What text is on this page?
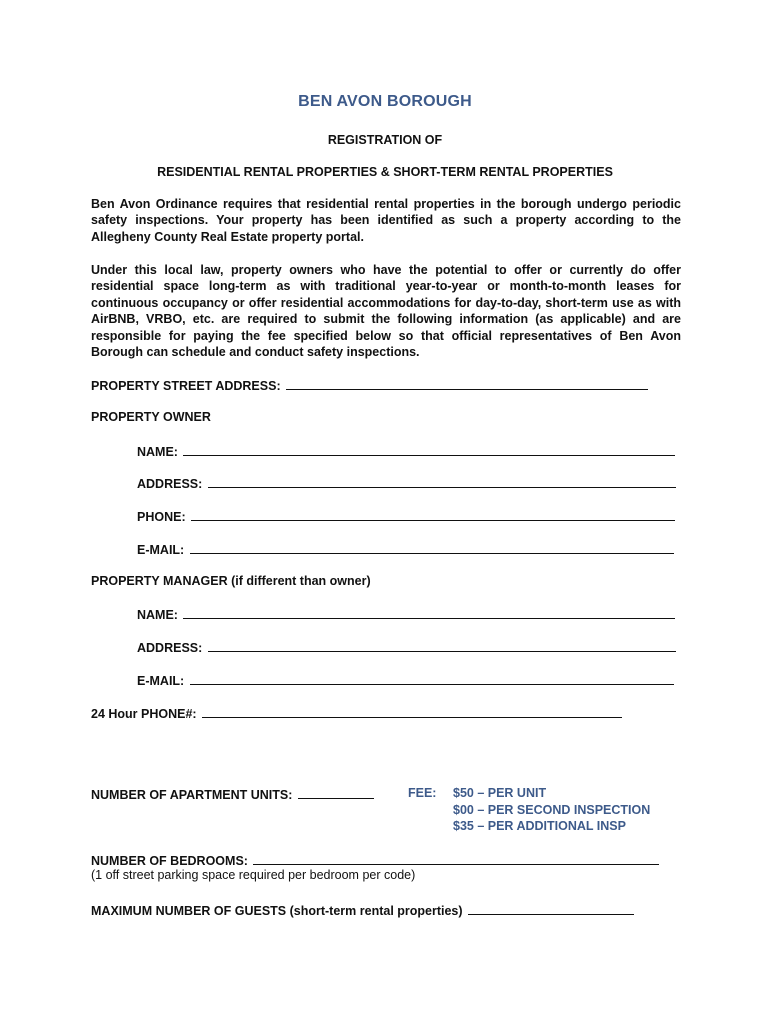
BEN AVON BOROUGH
REGISTRATION OF
RESIDENTIAL RENTAL PROPERTIES & SHORT-TERM RENTAL PROPERTIES

Ben Avon Ordinance requires that residential rental properties in the borough undergo periodic safety inspections. Your property has been identified as such a property according to the Allegheny County Real Estate property portal.

Under this local law, property owners who have the potential to offer or currently do offer residential space long-term as with traditional year-to-year or month-to-month leases for continuous occupancy or offer residential accommodations for day-to-day, short-term use as with AirBNB, VRBO, etc. are required to submit the following information (as applicable) and are responsible for paying the fee specified below so that official representatives of Ben Avon Borough can schedule and conduct safety inspections.

PROPERTY STREET ADDRESS:
PROPERTY OWNER
NAME:
ADDRESS:
PHONE:
E-MAIL:
PROPERTY MANAGER (if different than owner)
NAME:
ADDRESS:
E-MAIL:
24 Hour PHONE#:
NUMBER OF APARTMENT UNITS:	FEE: $50 – PER UNIT
$00 – PER SECOND INSPECTION
$35 – PER ADDITIONAL INSP
NUMBER OF BEDROOMS:
(1 off street parking space required per bedroom per code)
MAXIMUM NUMBER OF GUESTS (short-term rental properties)
